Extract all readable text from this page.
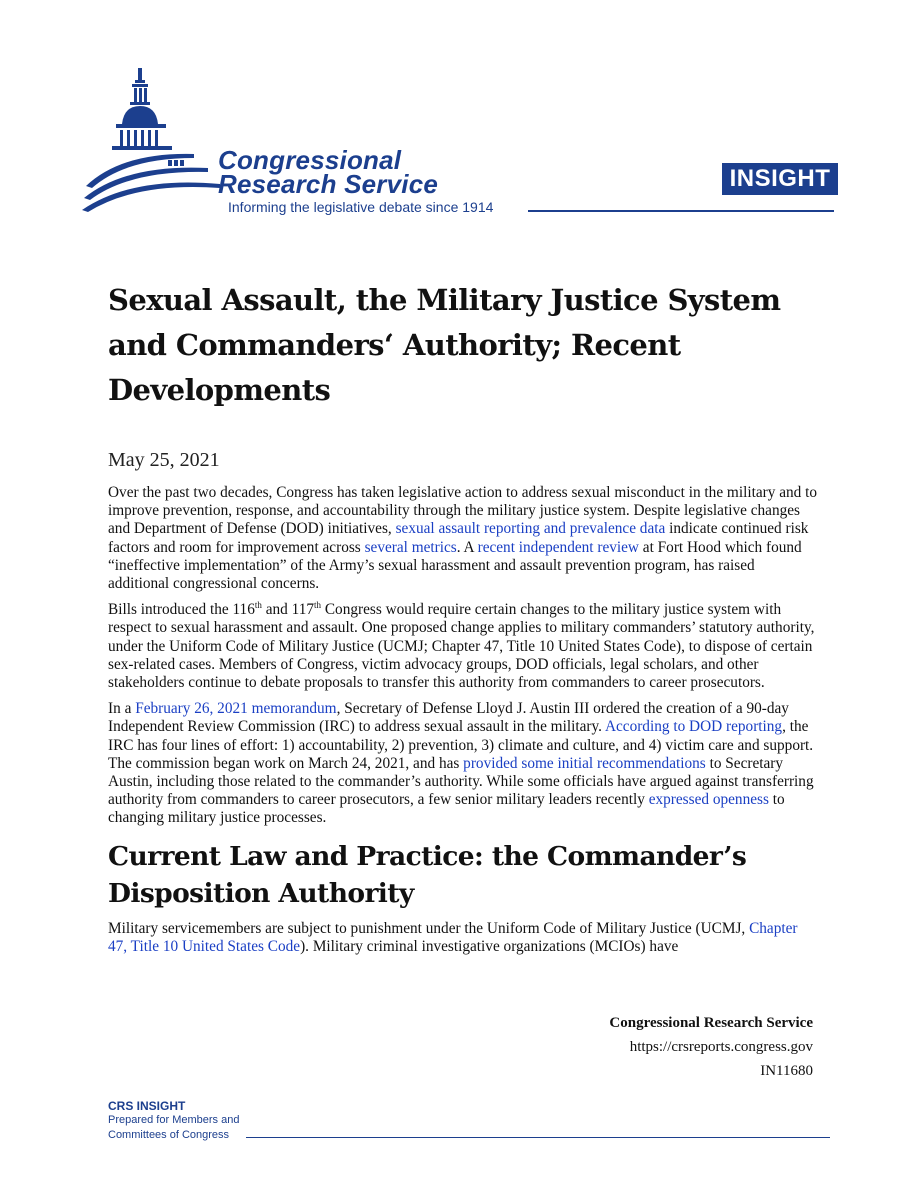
Congressional
Research Service
Informing the legislative debate since 1914
INSIGHT
Sexual Assault, the Military Justice System and Commanders‘ Authority; Recent Developments
May 25, 2021

Over the past two decades, Congress has taken legislative action to address sexual misconduct in the military and to improve prevention, response, and accountability through the military justice system. Despite legislative changes and Department of Defense (DOD) initiatives, sexual assault reporting and prevalence data indicate continued risk factors and room for improvement across several metrics. A recent independent review at Fort Hood which found “ineffective implementation” of the Army’s sexual harassment and assault prevention program, has raised additional congressional concerns.

Bills introduced the 116th and 117th Congress would require certain changes to the military justice system with respect to sexual harassment and assault. One proposed change applies to military commanders’ statutory authority, under the Uniform Code of Military Justice (UCMJ; Chapter 47, Title 10 United States Code), to dispose of certain sex-related cases. Members of Congress, victim advocacy groups, DOD officials, legal scholars, and other stakeholders continue to debate proposals to transfer this authority from commanders to career prosecutors.

In a February 26, 2021 memorandum, Secretary of Defense Lloyd J. Austin III ordered the creation of a 90-day Independent Review Commission (IRC) to address sexual assault in the military. According to DOD reporting, the IRC has four lines of effort: 1) accountability, 2) prevention, 3) climate and culture, and 4) victim care and support. The commission began work on March 24, 2021, and has provided some initial recommendations to Secretary Austin, including those related to the commander’s authority. While some officials have argued against transferring authority from commanders to career prosecutors, a few senior military leaders recently expressed openness to changing military justice processes.

Current Law and Practice: the Commander’s Disposition Authority

Military servicemembers are subject to punishment under the Uniform Code of Military Justice (UCMJ, Chapter 47, Title 10 United States Code). Military criminal investigative organizations (MCIOs) have

Congressional Research Service
https://crsreports.congress.gov
IN11680
CRS INSIGHT
Prepared for Members and
Committees of Congress
